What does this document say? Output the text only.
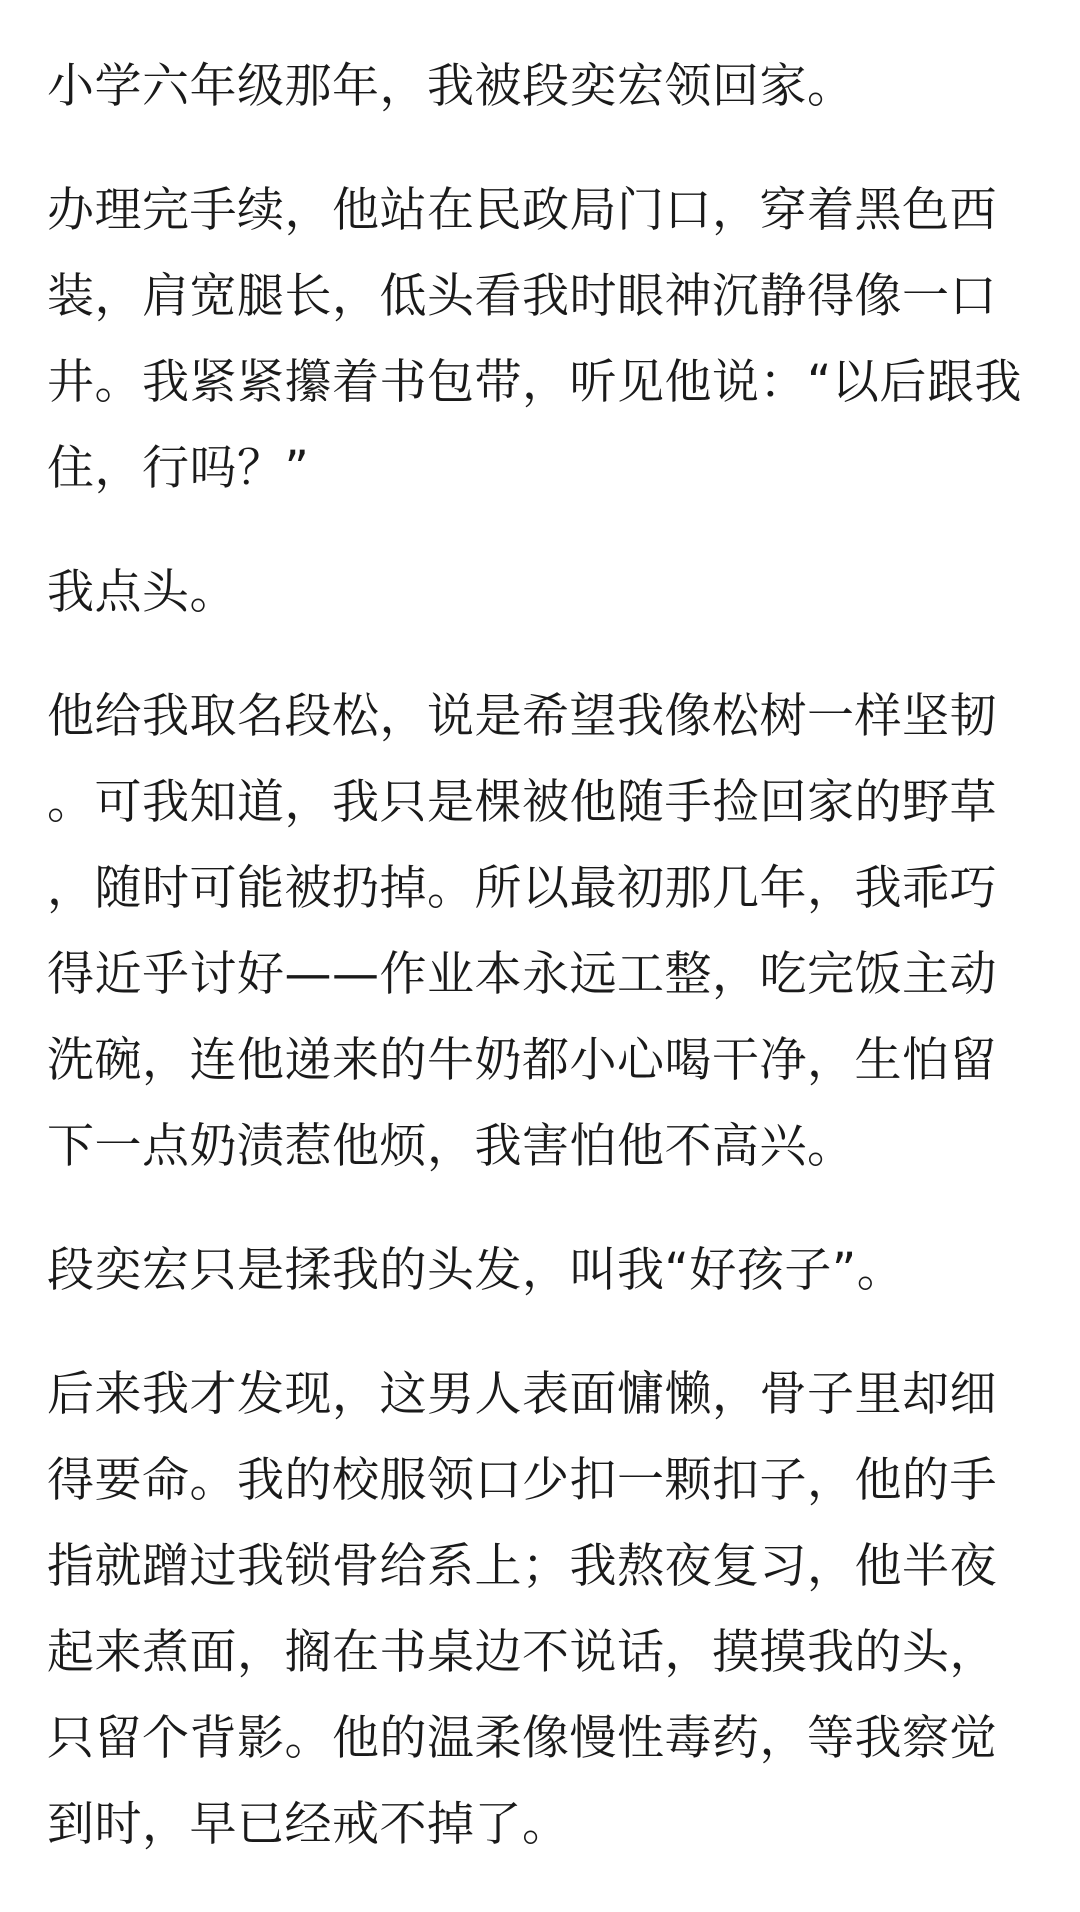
小学六年级那年，我被段奕宏领回家。

办理完手续，他站在民政局门口，穿着黑色西装，肩宽腿长，低头看我时眼神沉静得像一口井。我紧紧攥着书包带，听见他说：“以后跟我住，行吗？”

我点头。

他给我取名段松，说是希望我像松树一样坚韧。可我知道，我只是棵被他随手捡回家的野草，随时可能被扔掉。所以最初那几年，我乖巧得近乎讨好——作业本永远工整，吃完饭主动洗碗，连他递来的牛奶都小心喝干净，生怕留下一点奶渍惹他烦，我害怕他不高兴。

段奕宏只是揉我的头发，叫我“好孩子”。

后来我才发现，这男人表面慵懒，骨子里却细得要命。我的校服领口少扣一颗扣子，他的手指就蹭过我锁骨给系上；我熬夜复习，他半夜起来煮面，搁在书桌边不说话，摸摸我的头，只留个背影。他的温柔像慢性毒药，等我察觉到时，早已经戒不掉了。
